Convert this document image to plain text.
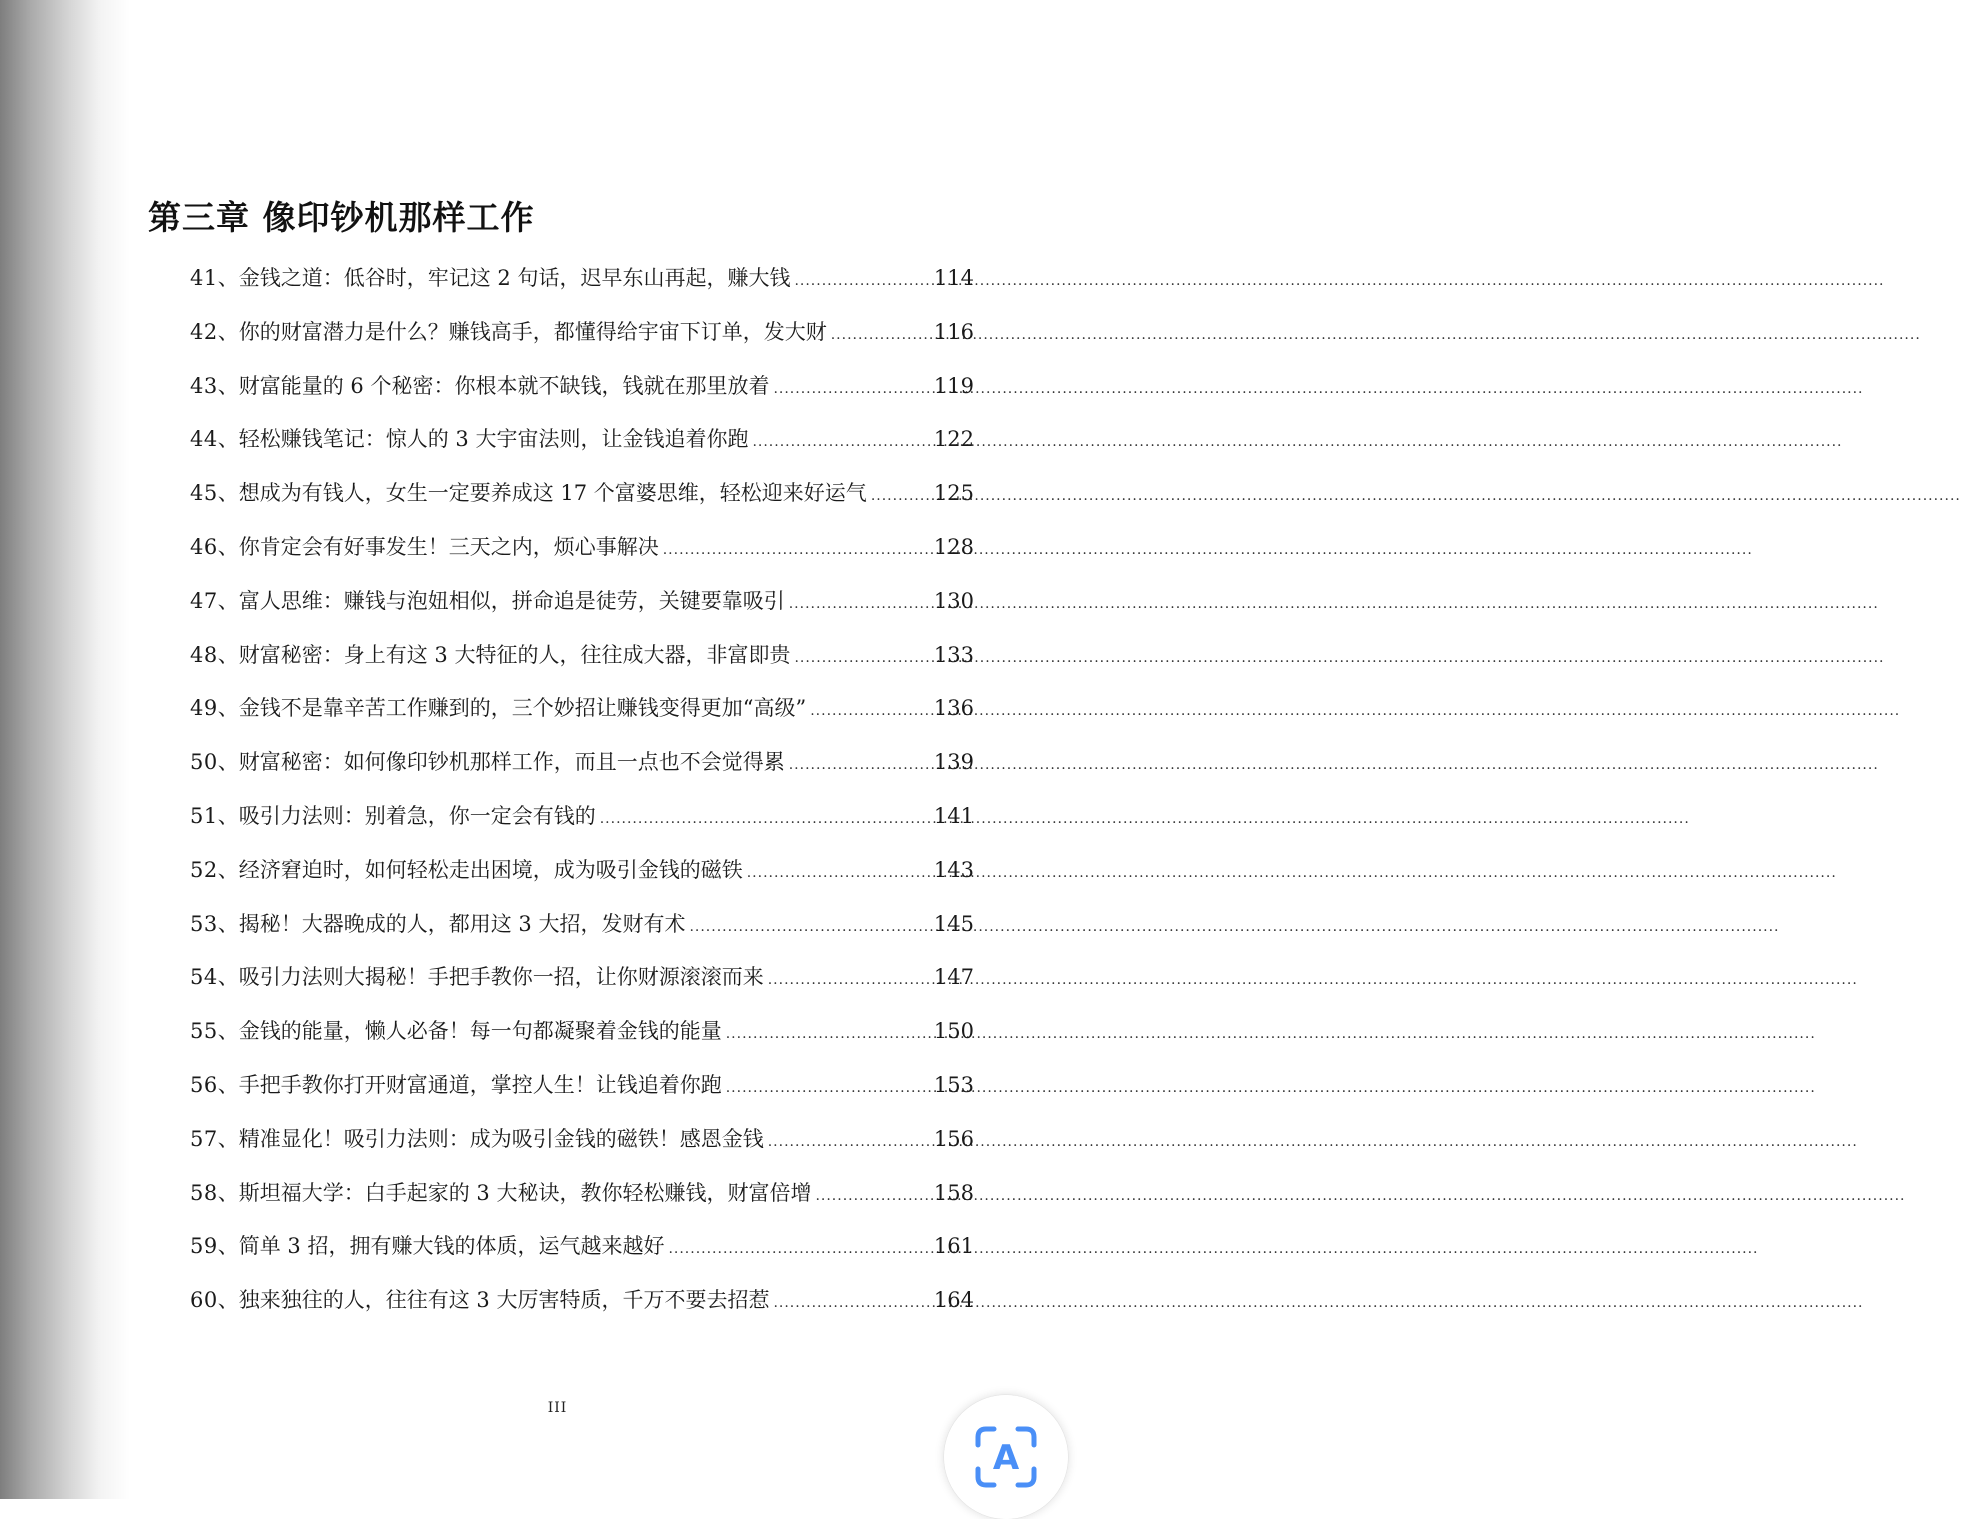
第三章 像印钞机那样工作
41 、 金钱之道：低谷时，牢记这 2 句话，迟早东山再起，赚大钱 .....	114
42 、 你的财富潜力是什么？赚钱高手，都懂得给宇宙下订单，发大财 .....	116
43 、 财富能量的 6 个秘密：你根本就不缺钱，钱就在那里放着 .....	119
44 、 轻松赚钱笔记：惊人的 3 大宇宙法则，让金钱追着你跑 .....	122
45 、 想成为有钱人，女生一定要养成这 17 个富婆思维，轻松迎来好运气 .....	125
46 、 你肯定会有好事发生！三天之内，烦心事解决 .....	128
47 、 富人思维：赚钱与泡妞相似，拼命追是徒劳，关键要靠吸引 .....	130
48 、 财富秘密：身上有这 3 大特征的人，往往成大器，非富即贵 .....	133
49 、 金钱不是靠辛苦工作赚到的，三个妙招让赚钱变得更加“高级” .....	136
50 、 财富秘密：如何像印钞机那样工作，而且一点也不会觉得累 .....	139
51 、 吸引力法则：别着急，你一定会有钱的 .....	141
52 、 经济窘迫时，如何轻松走出困境，成为吸引金钱的磁铁 .....	143
53 、 揭秘！大器晚成的人，都用这 3 大招，发财有术 .....	145
54 、 吸引力法则大揭秘！手把手教你一招，让你财源滚滚而来 .....	147
55 、 金钱的能量，懒人必备！每一句都凝聚着金钱的能量 .....	150
56 、 手把手教你打开财富通道，掌控人生！让钱追着你跑 .....	153
57 、 精准显化！吸引力法则：成为吸引金钱的磁铁！感恩金钱 .....	156
58 、 斯坦福大学：白手起家的 3 大秘诀，教你轻松赚钱，财富倍增 .....	158
59 、 简单 3 招，拥有赚大钱的体质，运气越来越好 .....	161
60 、 独来独往的人，往往有这 3 大厉害特质，千万不要去招惹 .....	164
III
A
